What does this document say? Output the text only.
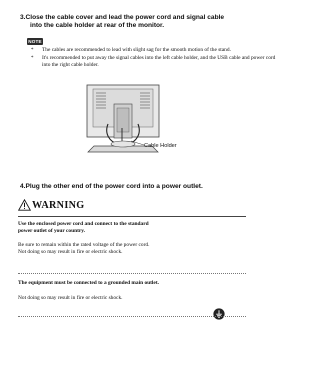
3.Close the cable cover and lead the power cord and signal cable
into the cable holder at rear of the monitor.
NOTE
* The cables are recommended to lead with slight sag for the smooth motion of the stand.
* It's recommended to put away the signal cables into the left cable holder, and the USB cable and power cord into the right cable holder.
Cable Holder
4.Plug the other end of the power cord into a power outlet.
WARNING
Use the enclosed power cord and connect to the standard
power outlet of your country.
Be sure to remain within the rated voltage of the power cord.
Not doing so may result in fire or electric shock.
The equipment must be connected to a grounded main outlet.
Not doing so may result in fire or electric shock.
